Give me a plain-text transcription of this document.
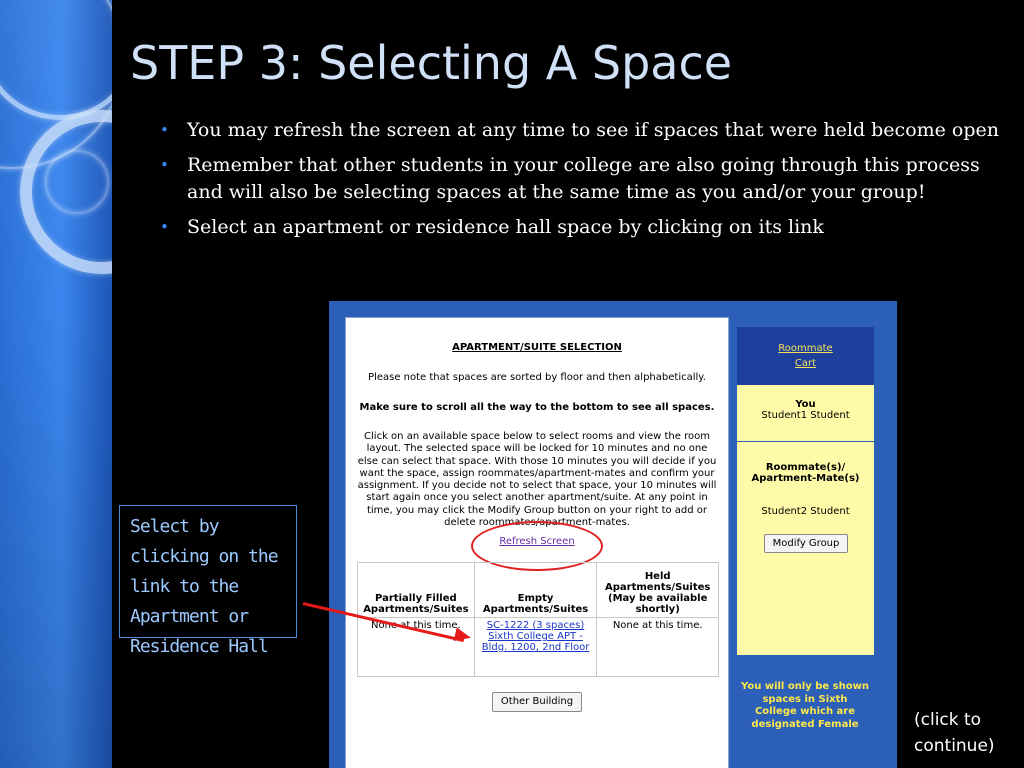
STEP 3: Selecting A Space
• You may refresh the screen at any time to see if spaces that were held become open
• Remember that other students in your college are also going through this process and will also be selecting spaces at the same time as you and/or your group!
• Select an apartment or residence hall space by clicking on its link
APARTMENT/SUITE SELECTION
Please note that spaces are sorted by floor and then alphabetically.
Make sure to scroll all the way to the bottom to see all spaces.
Click on an available space below to select rooms and view the room layout. The selected space will be locked for 10 minutes and no one else can select that space. With those 10 minutes you will decide if you want the space, assign roommates/apartment-mates and confirm your assignment. If you decide not to select that space, your 10 minutes will start again once you select another apartment/suite. At any point in time, you may click the Modify Group button on your right to add or delete roommates/apartment-mates.
Refresh Screen
Partially Filled Apartments/Suites	Empty Apartments/Suites	Held Apartments/Suites (May be available shortly)
None at this time.	SC-1222 (3 spaces) Sixth College APT - Bldg. 1200, 2nd Floor	None at this time.
Other Building
Roommate
Cart
You
Student1 Student
Roommate(s)/ Apartment-Mate(s)
Student2 Student
Modify Group
You will only be shown spaces in Sixth College which are designated Female
Select by clicking on the link to the Apartment or Residence Hall
(click to continue)
